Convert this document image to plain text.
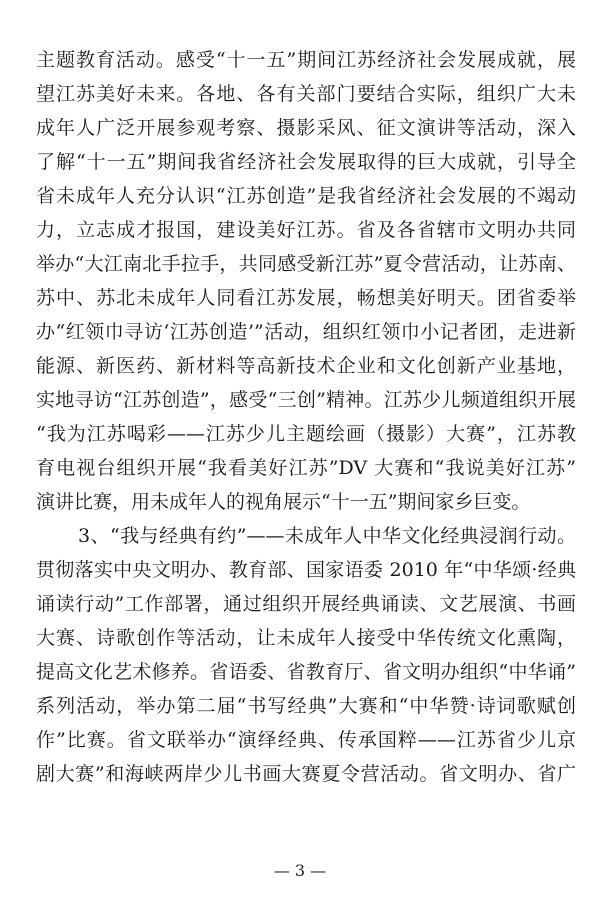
主题教育活动。感受“十一五”期间江苏经济社会发展成就，展
望江苏美好未来。各地、各有关部门要结合实际，组织广大未
成年人广泛开展参观考察、摄影采风、征文演讲等活动，深入
了解“十一五”期间我省经济社会发展取得的巨大成就，引导全
省未成年人充分认识“江苏创造”是我省经济社会发展的不竭动
力，立志成才报国，建设美好江苏。省及各省辖市文明办共同
举办“大江南北手拉手，共同感受新江苏”夏令营活动，让苏南、
苏中、苏北未成年人同看江苏发展，畅想美好明天。团省委举
办“红领巾寻访‘江苏创造’”活动，组织红领巾小记者团，走进新
能源、新医药、新材料等高新技术企业和文化创新产业基地，
实地寻访“江苏创造”，感受“三创”精神。江苏少儿频道组织开展
“我为江苏喝彩——江苏少儿主题绘画（摄影）大赛”，江苏教
育电视台组织开展“我看美好江苏”DV 大赛和“我说美好江苏”
演讲比赛，用未成年人的视角展示“十一五”期间家乡巨变。
3、“我与经典有约”——未成年人中华文化经典浸润行动。
贯彻落实中央文明办、教育部、国家语委 2010 年“中华颂·经典
诵读行动”工作部署，通过组织开展经典诵读、文艺展演、书画
大赛、诗歌创作等活动，让未成年人接受中华传统文化熏陶，
提高文化艺术修养。省语委、省教育厅、省文明办组织“中华诵”
系列活动，举办第二届“书写经典”大赛和“中华赞·诗词歌赋创
作”比赛。省文联举办“演绎经典、传承国粹——江苏省少儿京
剧大赛”和海峡两岸少儿书画大赛夏令营活动。省文明办、省广
— 3 —
